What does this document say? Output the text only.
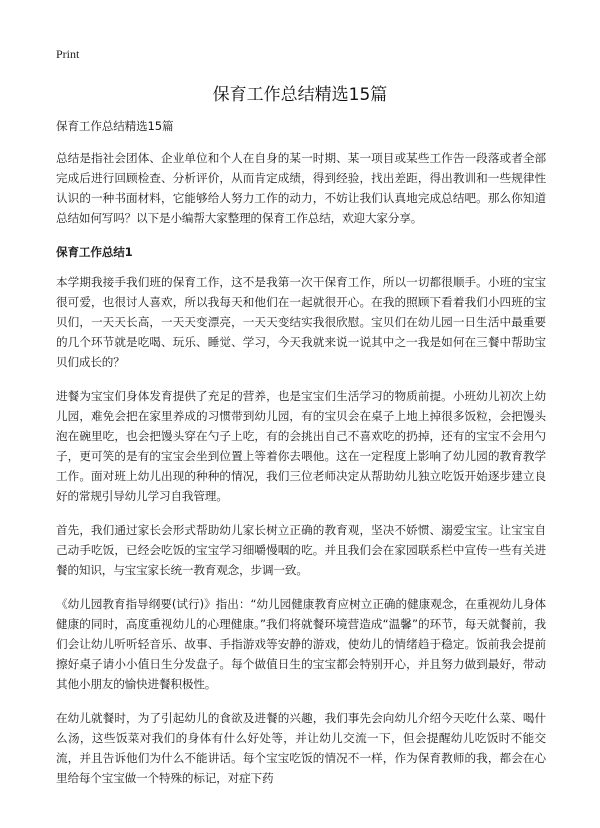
Print
保育工作总结精选15篇
保育工作总结精选15篇
总结是指社会团体、企业单位和个人在自身的某一时期、某一项目或某些工作告一段落或者全部完成后进行回顾检查、分析评价，从而肯定成绩，得到经验，找出差距，得出教训和一些规律性认识的一种书面材料，它能够给人努力工作的动力，不妨让我们认真地完成总结吧。那么你知道总结如何写吗？以下是小编帮大家整理的保育工作总结，欢迎大家分享。
保育工作总结1
本学期我接手我们班的保育工作，这不是我第一次干保育工作，所以一切都很顺手。小班的宝宝很可爱，也很讨人喜欢，所以我每天和他们在一起就很开心。在我的照顾下看着我们小四班的宝贝们，一天天长高，一天天变漂亮，一天天变结实我很欣慰。宝贝们在幼儿园一日生活中最重要的几个环节就是吃喝、玩乐、睡觉、学习，今天我就来说一说其中之一我是如何在三餐中帮助宝贝们成长的？
进餐为宝宝们身体发育提供了充足的营养，也是宝宝们生活学习的物质前提。小班幼儿初次上幼儿园，难免会把在家里养成的习惯带到幼儿园，有的宝贝会在桌子上地上掉很多饭粒，会把馒头泡在碗里吃，也会把馒头穿在勺子上吃，有的会挑出自己不喜欢吃的扔掉，还有的宝宝不会用勺子，更可笑的是有的宝宝会坐到位置上等着你去喂他。这在一定程度上影响了幼儿园的教育教学工作。面对班上幼儿出现的种种的情况，我们三位老师决定从帮助幼儿独立吃饭开始逐步建立良好的常规引导幼儿学习自我管理。
首先，我们通过家长会形式帮助幼儿家长树立正确的教育观，坚决不娇惯、溺爱宝宝。让宝宝自己动手吃饭，已经会吃饭的宝宝学习细嚼慢咽的吃。并且我们会在家园联系栏中宣传一些有关进餐的知识，与宝宝家长统一教育观念，步调一致。
《幼儿园教育指导纲要(试行)》指出：“幼儿园健康教育应树立正确的健康观念，在重视幼儿身体健康的同时，高度重视幼儿的心理健康。”我们将就餐环境营造成“温馨”的环节，每天就餐前，我们会让幼儿听听轻音乐、故事、手指游戏等安静的游戏，使幼儿的情绪趋于稳定。饭前我会提前擦好桌子请小小值日生分发盘子。每个做值日生的宝宝都会特别开心，并且努力做到最好，带动其他小朋友的愉快进餐积极性。
在幼儿就餐时，为了引起幼儿的食欲及进餐的兴趣，我们事先会向幼儿介绍今天吃什么菜、喝什么汤，这些饭菜对我们的身体有什么好处等，并让幼儿交流一下，但会提醒幼儿吃饭时不能交流，并且告诉他们为什么不能讲话。每个宝宝吃饭的情况不一样，作为保育教师的我，都会在心里给每个宝宝做一个特殊的标记，对症下药
